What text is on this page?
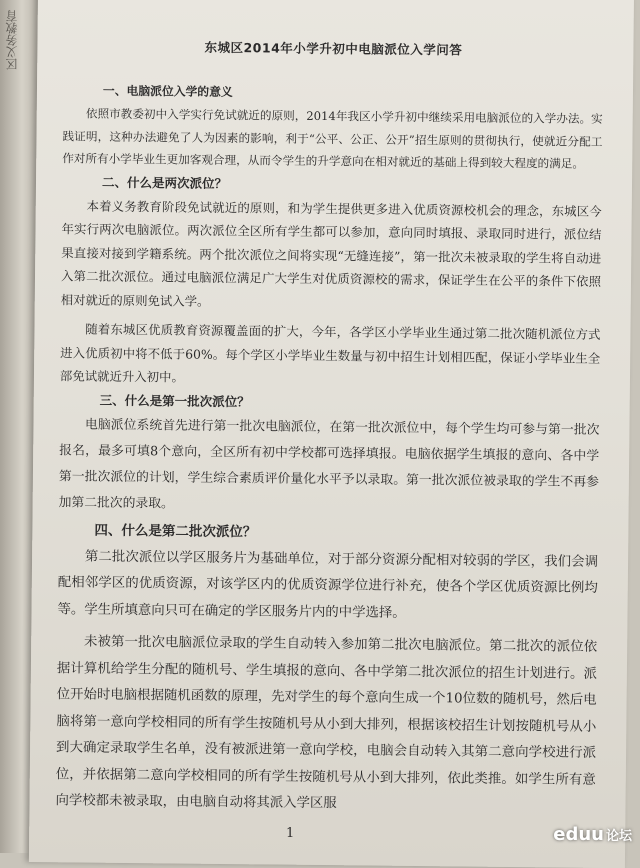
区义务教育	东城区2014年小学升初中电脑派位入学问答

一、电脑派位入学的意义

依照市教委初中入学实行免试就近的原则，2014年我区小学升初中继续采用电脑派位的入学办法。实践证明，这种办法避免了人为因素的影响，利于“公平、公正、公开”招生原则的贯彻执行，使就近分配工作对所有小学毕业生更加客观合理，从而令学生的升学意向在相对就近的基础上得到较大程度的满足。

二、什么是两次派位？

本着义务教育阶段免试就近的原则，和为学生提供更多进入优质资源校机会的理念，东城区今年实行两次电脑派位。两次派位全区所有学生都可以参加，意向同时填报、录取同时进行，派位结果直接对接到学籍系统。两个批次派位之间将实现“无缝连接”，第一批次未被录取的学生将自动进入第二批次派位。通过电脑派位满足广大学生对优质资源校的需求，保证学生在公平的条件下依照相对就近的原则免试入学。

随着东城区优质教育资源覆盖面的扩大，今年，各学区小学毕业生通过第二批次随机派位方式进入优质初中将不低于60%。每个学区小学毕业生数量与初中招生计划相匹配，保证小学毕业生全部免试就近升入初中。

三、什么是第一批次派位？

电脑派位系统首先进行第一批次电脑派位，在第一批次派位中，每个学生均可参与第一批次报名，最多可填8个意向，全区所有初中学校都可选择填报。电脑依据学生填报的意向、各中学第一批次派位的计划，学生综合素质评价量化水平予以录取。第一批次派位被录取的学生不再参加第二批次的录取。

四、什么是第二批次派位？

第二批次派位以学区服务片为基础单位，对于部分资源分配相对较弱的学区，我们会调配相邻学区的优质资源，对该学区内的优质资源学位进行补充，使各个学区优质资源比例均等。学生所填意向只可在确定的学区服务片内的中学选择。

未被第一批次电脑派位录取的学生自动转入参加第二批次电脑派位。第二批次的派位依据计算机给学生分配的随机号、学生填报的意向、各中学第二批次派位的招生计划进行。派位开始时电脑根据随机函数的原理，先对学生的每个意向生成一个10位数的随机号，然后电脑将第一意向学校相同的所有学生按随机号从小到大排列，根据该校招生计划按随机号从小到大确定录取学生名单，没有被派进第一意向学校，电脑会自动转入其第二意向学校进行派位，并依据第二意向学校相同的所有学生按随机号从小到大排列，依此类推。如学生所有意向学校都未被录取，由电脑自动将其派入学区服

1	eduu 论坛
